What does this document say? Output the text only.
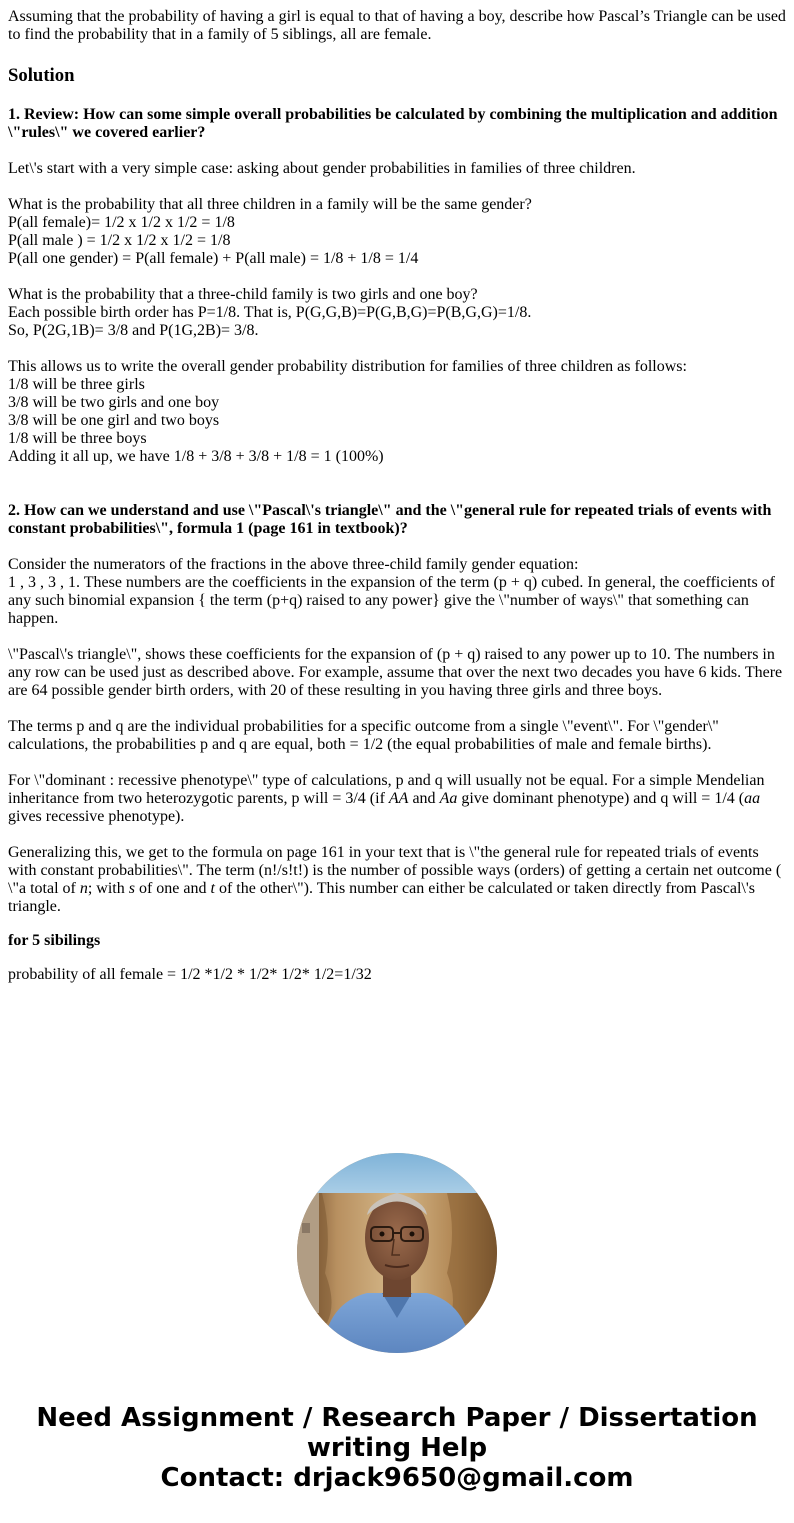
Assuming that the probability of having a girl is equal to that of having a boy, describe how Pascal’s Triangle can be used to find the probability that in a family of 5 siblings, all are female.

Solution
1. Review: How can some simple overall probabilities be calculated by combining the multiplication and addition \"rules\" we covered earlier?
Let\'s start with a very simple case: asking about gender probabilities in families of three children.
What is the probability that all three children in a family will be the same gender?
P(all female)= 1/2 x 1/2 x 1/2 = 1/8
P(all male ) = 1/2 x 1/2 x 1/2 = 1/8
P(all one gender) = P(all female) + P(all male) = 1/8 + 1/8 = 1/4
What is the probability that a three-child family is two girls and one boy?
Each possible birth order has P=1/8. That is, P(G,G,B)=P(G,B,G)=P(B,G,G)=1/8.
So, P(2G,1B)= 3/8 and P(1G,2B)= 3/8.
This allows us to write the overall gender probability distribution for families of three children as follows:
1/8 will be three girls
3/8 will be two girls and one boy
3/8 will be one girl and two boys
1/8 will be three boys
Adding it all up, we have 1/8 + 3/8 + 3/8 + 1/8 = 1 (100%)
2. How can we understand and use \"Pascal\'s triangle\" and the \"general rule for repeated trials of events with constant probabilities\", formula 1 (page 161 in textbook)?
Consider the numerators of the fractions in the above three-child family gender equation:
1 , 3 , 3 , 1. These numbers are the coefficients in the expansion of the term (p + q) cubed. In general, the coefficients of any such binomial expansion { the term (p+q) raised to any power} give the \"number of ways\" that something can happen.
\"Pascal\'s triangle\", shows these coefficients for the expansion of (p + q) raised to any power up to 10. The numbers in any row can be used just as described above. For example, assume that over the next two decades you have 6 kids. There are 64 possible gender birth orders, with 20 of these resulting in you having three girls and three boys.
The terms p and q are the individual probabilities for a specific outcome from a single \"event\". For \"gender\" calculations, the probabilities p and q are equal, both = 1/2 (the equal probabilities of male and female births).
For \"dominant : recessive phenotype\" type of calculations, p and q will usually not be equal. For a simple Mendelian inheritance from two heterozygotic parents, p will = 3/4 (if AA and Aa give dominant phenotype) and q will = 1/4 (aa gives recessive phenotype).
Generalizing this, we get to the formula on page 161 in your text that is \"the general rule for repeated trials of events with constant probabilities\". The term (n!/s!t!) is the number of possible ways (orders) of getting a certain net outcome ( \"a total of n; with s of one and t of the other\"). This number can either be calculated or taken directly from Pascal\'s triangle.

for 5 sibilings

probability of all female = 1/2 *1/2 * 1/2* 1/2* 1/2=1/32

Need Assignment / Research Paper / Dissertation writing Help
Contact: drjack9650@gmail.com
